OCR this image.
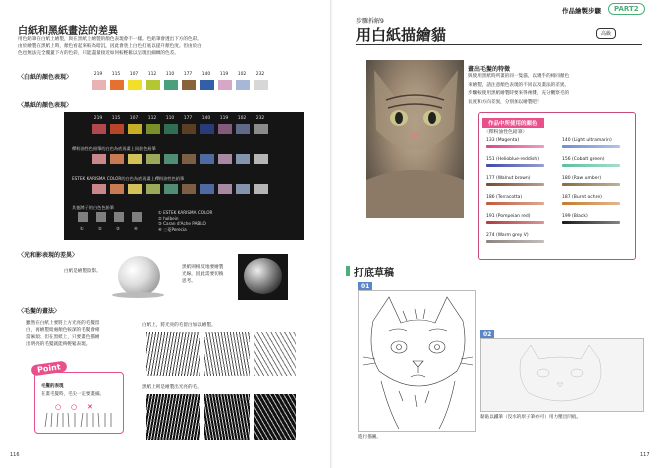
白紙和黑紙畫法的差異
用色鉛筆在白紙上繪製，與在黑紙上繪製的顏色表現會不一樣。色鉛筆會透出下方的色彩。
由於繪製在黑紙上時，顏色看起來較為暗沉，因此會塗上白色打底以提升顏色度。但由於白
色也無法完全覆蓋下方的色彩，只能盡量接近如何較輕鬆以呈現出細緻的色差。
〈白紙的顏色表現〉	219	115	107	112	110	177	140	119	102	232
〈黑紙的顏色表現〉
219	115	107	112	110	177	140	119	102	232
釋粉油性色鉛筆的白色為底再畫上同款色鉛筆
ESTEK KARISMA COLOR的白色為底再畫上釋粉油性色鉛筆
其他牌子的白色色鉛筆
①	②	③	④
① ESTEK KARISMA COLOR
② holbein
③ Caran d'Ache PABLO
④ 三菱Perecia
〈光和影表現的差異〉
白紙是繪製陰影。
黑紙則相反地要繪製
光線，因此需要切換
思考。
〈毛髮的畫法〉
雖然在白紙上要將上方光亮的毛髮留
白，再繪製暗處顏色較深的毛髮會相
當麻煩；但在黑紙上，只要畫色描繪
出明亮的毛髮就能夠輕鬆表現。
Point
毛髮的表現
在畫毛髮時，毛尖一定要畫細。
○ ○ ✕
白紙上，將光亮的毛留白加以繪製。
黑紙上則是繪製出光亮的毛。
116
作品繪製步驟	PART2
步驟拆解9
用白紙描繪貓	高級
畫出毛髮的特徵
與使用黑紙時所畫的同一隻貓，以幾乎的相同顏色
來繪製，請注意顏色表現的不同以及畫法的差異。
步驟較使用黑紙繪製時要來得複雜，充分觀察毛的
長度和方向差異，分別加以繪製吧！
作品中所使用的顏色
〈釋粉油性色鉛筆〉
133 (Magenta)	140 (Light ultramarin)
151 (Helioblue-reddish)	156 (Cobalt green)
177 (Walnut brown)	180 (Raw umber)
186 (Terracotta)	187 (Burnt ochre)
191 (Pompeian red)	199 (Black)
274 (Warm grey V)
打底草稿
01
進行描圖。
02
黏貼以鐵筆（沒水的原子筆亦可）用力壓出凹痕。
117
